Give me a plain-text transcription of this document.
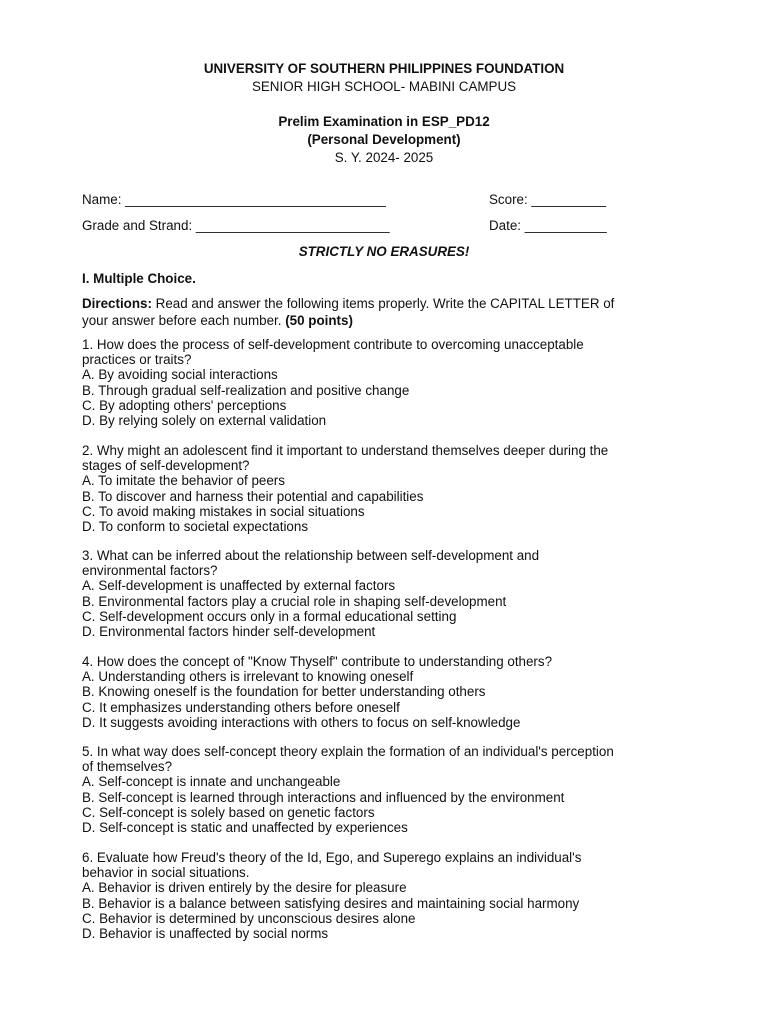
UNIVERSITY OF SOUTHERN PHILIPPINES FOUNDATION
SENIOR HIGH SCHOOL- MABINI CAMPUS
Prelim Examination in ESP_PD12
(Personal Development)
S. Y. 2024- 2025
Name: ___________________________________	Score: __________
Grade and Strand: __________________________	Date: ___________
STRICTLY NO ERASURES!
I. Multiple Choice.
Directions: Read and answer the following items properly. Write the CAPITAL LETTER of
your answer before each number. (50 points)
1. How does the process of self-development contribute to overcoming unacceptable
practices or traits?
A. By avoiding social interactions
B. Through gradual self-realization and positive change
C. By adopting others' perceptions
D. By relying solely on external validation
2. Why might an adolescent find it important to understand themselves deeper during the
stages of self-development?
A. To imitate the behavior of peers
B. To discover and harness their potential and capabilities
C. To avoid making mistakes in social situations
D. To conform to societal expectations
3. What can be inferred about the relationship between self-development and
environmental factors?
A. Self-development is unaffected by external factors
B. Environmental factors play a crucial role in shaping self-development
C. Self-development occurs only in a formal educational setting
D. Environmental factors hinder self-development
4. How does the concept of "Know Thyself" contribute to understanding others?
A. Understanding others is irrelevant to knowing oneself
B. Knowing oneself is the foundation for better understanding others
C. It emphasizes understanding others before oneself
D. It suggests avoiding interactions with others to focus on self-knowledge
5. In what way does self-concept theory explain the formation of an individual's perception
of themselves?
A. Self-concept is innate and unchangeable
B. Self-concept is learned through interactions and influenced by the environment
C. Self-concept is solely based on genetic factors
D. Self-concept is static and unaffected by experiences
6. Evaluate how Freud's theory of the Id, Ego, and Superego explains an individual's
behavior in social situations.
A. Behavior is driven entirely by the desire for pleasure
B. Behavior is a balance between satisfying desires and maintaining social harmony
C. Behavior is determined by unconscious desires alone
D. Behavior is unaffected by social norms
